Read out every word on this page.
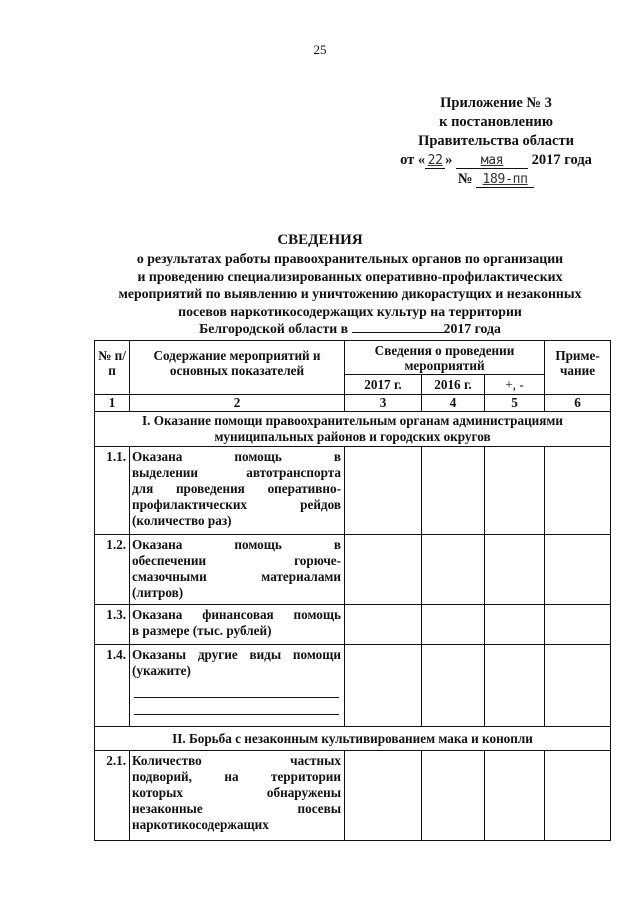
25
Приложение № 3
к постановлению
Правительства области
от « 22 » мая 2017 года
№ 189-пп
СВЕДЕНИЯ
о результатах работы правоохранительных органов по организации
и проведению специализированных оперативно-профилактических
мероприятий по выявлению и уничтожению дикорастущих и незаконных
посевов наркотикосодержащих культур на территории
Белгородской области в	2017 года
№ п/п	Содержание мероприятий и основных показателей	Сведения о проведении мероприятий			Приме-чание
		2017 г.	2016 г.	+, -	
1	2	3	4	5	6
I. Оказание помощи правоохранительным органам администрациями муниципальных районов и городских округов					
1.1.	Оказана помощь в
выделении автотранспорта
для проведения оперативно-
профилактических рейдов
(количество раз)				

1.2.	Оказана помощь в
обеспечении горюче-
смазочными материалами
(литров)				

1.3.	Оказана финансовая помощь
в размере (тыс. рублей)				

1.4.	Оказаны другие виды помощи
(укажите)				

II. Борьба с незаконным культивированием мака и конопли					
2.1.	Количество частных
подворий, на территории
которых обнаружены
незаконные посевы
наркотикосодержащих				
